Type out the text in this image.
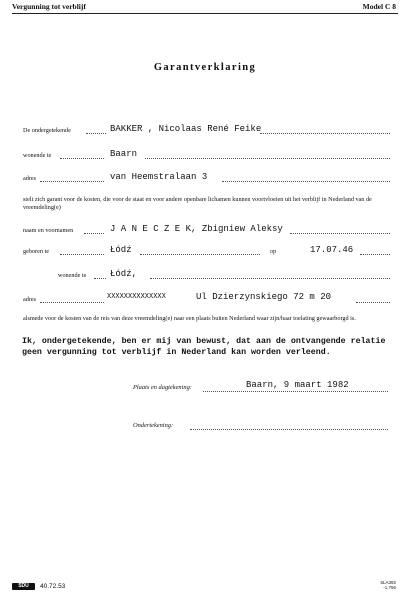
Vergunning tot verblijf	Model C 8
Garantverklaring
De ondergetekende	BAKKER , Nicolaas René Feike
wonende te	Baarn
adres	van Heemstralaan 3
stelt zich garant voor de kosten, die voor de staat en voor andere openbare lichamen kunnen voortvloeien uit het verblijf in Nederland van de vreemdeling(e)
naam en voornamen	J A N E C Z E K, Zbigniew Aleksy
geboren te	Łódź	op	17.07.46
wonende te	Łódź,
adres	XXXXXXXXXXXXXX	Ul Dzierzynskiego 72 m 20
alsmede voor de kosten van de reis van deze vreemdeling(e) naar een plaats buiten Nederland waar zijn/haar toelating gewaarborgd is.
Ik, ondergetekende, ben er mij van bewust, dat aan de ontvangende relatie geen vergunning tot verblijf in Nederland kan worden verleend.
Plaats en dagtekening:	Baarn, 9 maart 1982
Ondertekening:
SDU	40.72.53
6LA392
-1.756
